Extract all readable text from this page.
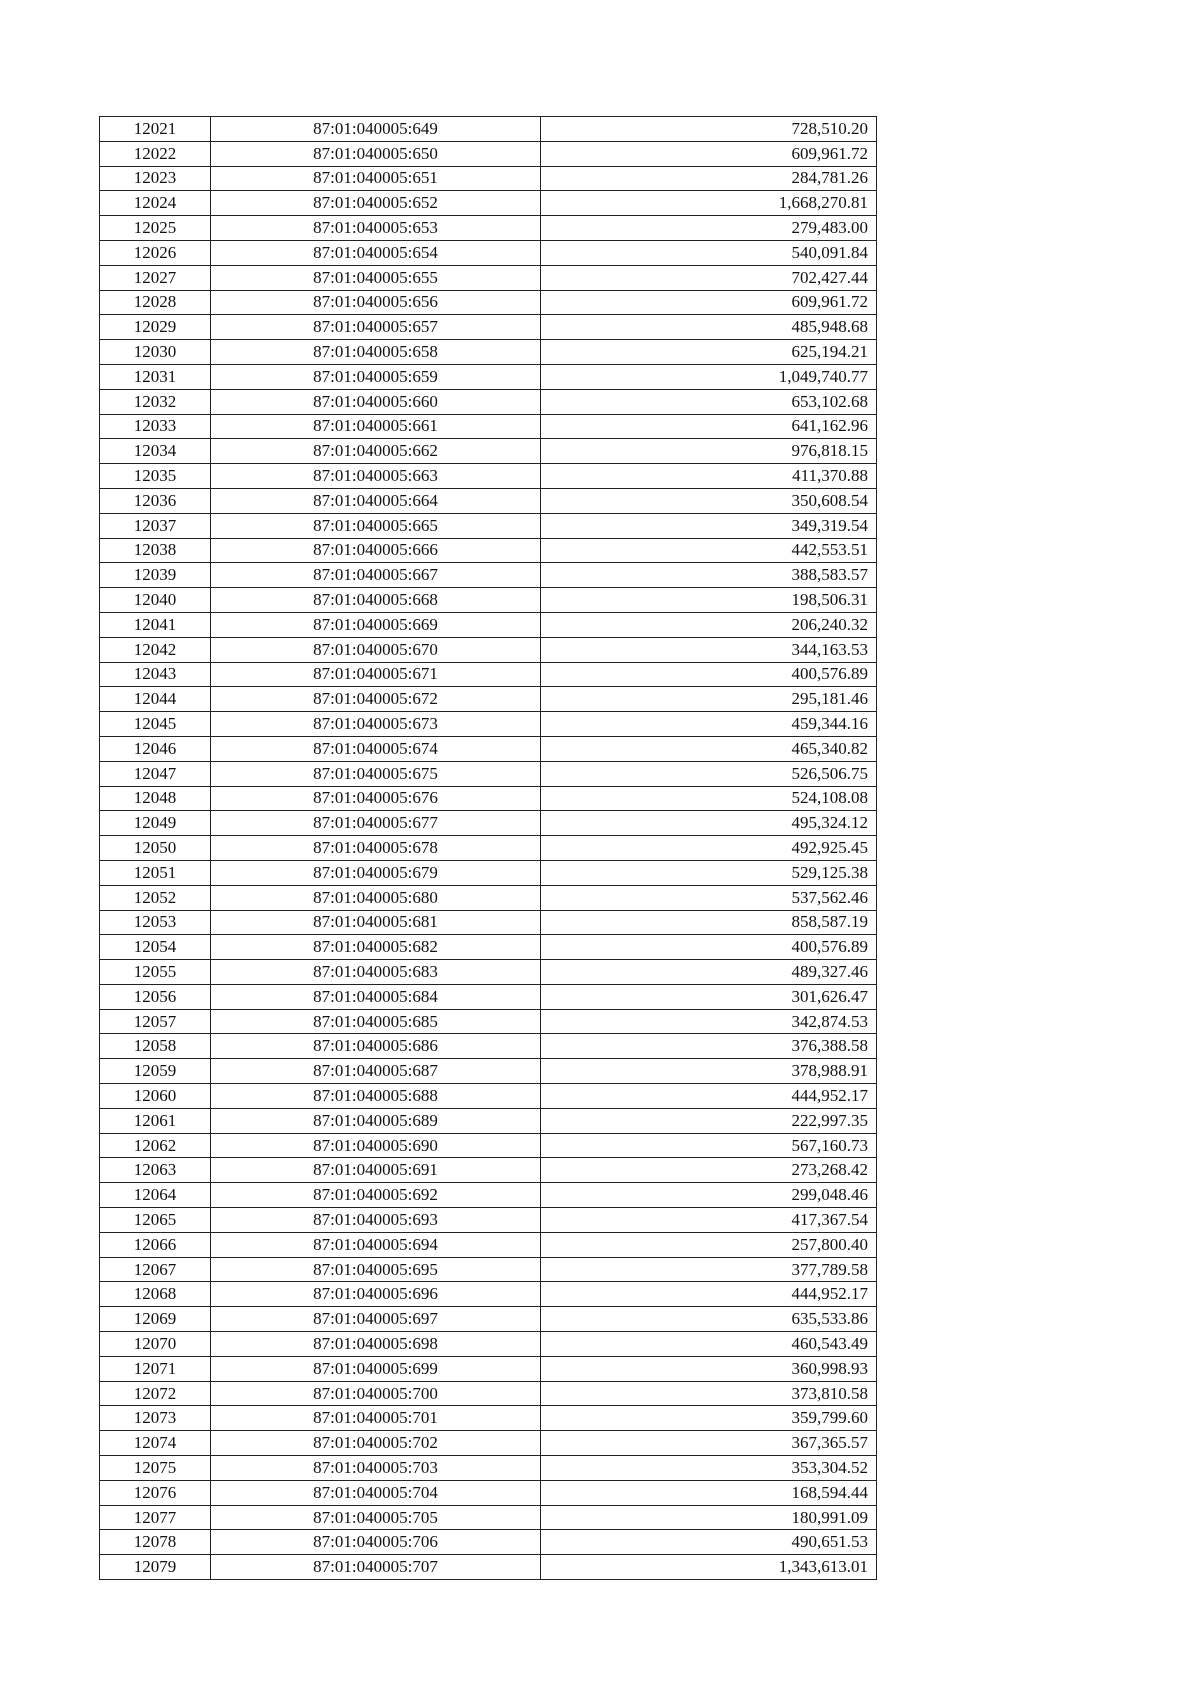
12021	87:01:040005:649	728,510.20
12022	87:01:040005:650	609,961.72
12023	87:01:040005:651	284,781.26
12024	87:01:040005:652	1,668,270.81
12025	87:01:040005:653	279,483.00
12026	87:01:040005:654	540,091.84
12027	87:01:040005:655	702,427.44
12028	87:01:040005:656	609,961.72
12029	87:01:040005:657	485,948.68
12030	87:01:040005:658	625,194.21
12031	87:01:040005:659	1,049,740.77
12032	87:01:040005:660	653,102.68
12033	87:01:040005:661	641,162.96
12034	87:01:040005:662	976,818.15
12035	87:01:040005:663	411,370.88
12036	87:01:040005:664	350,608.54
12037	87:01:040005:665	349,319.54
12038	87:01:040005:666	442,553.51
12039	87:01:040005:667	388,583.57
12040	87:01:040005:668	198,506.31
12041	87:01:040005:669	206,240.32
12042	87:01:040005:670	344,163.53
12043	87:01:040005:671	400,576.89
12044	87:01:040005:672	295,181.46
12045	87:01:040005:673	459,344.16
12046	87:01:040005:674	465,340.82
12047	87:01:040005:675	526,506.75
12048	87:01:040005:676	524,108.08
12049	87:01:040005:677	495,324.12
12050	87:01:040005:678	492,925.45
12051	87:01:040005:679	529,125.38
12052	87:01:040005:680	537,562.46
12053	87:01:040005:681	858,587.19
12054	87:01:040005:682	400,576.89
12055	87:01:040005:683	489,327.46
12056	87:01:040005:684	301,626.47
12057	87:01:040005:685	342,874.53
12058	87:01:040005:686	376,388.58
12059	87:01:040005:687	378,988.91
12060	87:01:040005:688	444,952.17
12061	87:01:040005:689	222,997.35
12062	87:01:040005:690	567,160.73
12063	87:01:040005:691	273,268.42
12064	87:01:040005:692	299,048.46
12065	87:01:040005:693	417,367.54
12066	87:01:040005:694	257,800.40
12067	87:01:040005:695	377,789.58
12068	87:01:040005:696	444,952.17
12069	87:01:040005:697	635,533.86
12070	87:01:040005:698	460,543.49
12071	87:01:040005:699	360,998.93
12072	87:01:040005:700	373,810.58
12073	87:01:040005:701	359,799.60
12074	87:01:040005:702	367,365.57
12075	87:01:040005:703	353,304.52
12076	87:01:040005:704	168,594.44
12077	87:01:040005:705	180,991.09
12078	87:01:040005:706	490,651.53
12079	87:01:040005:707	1,343,613.01
